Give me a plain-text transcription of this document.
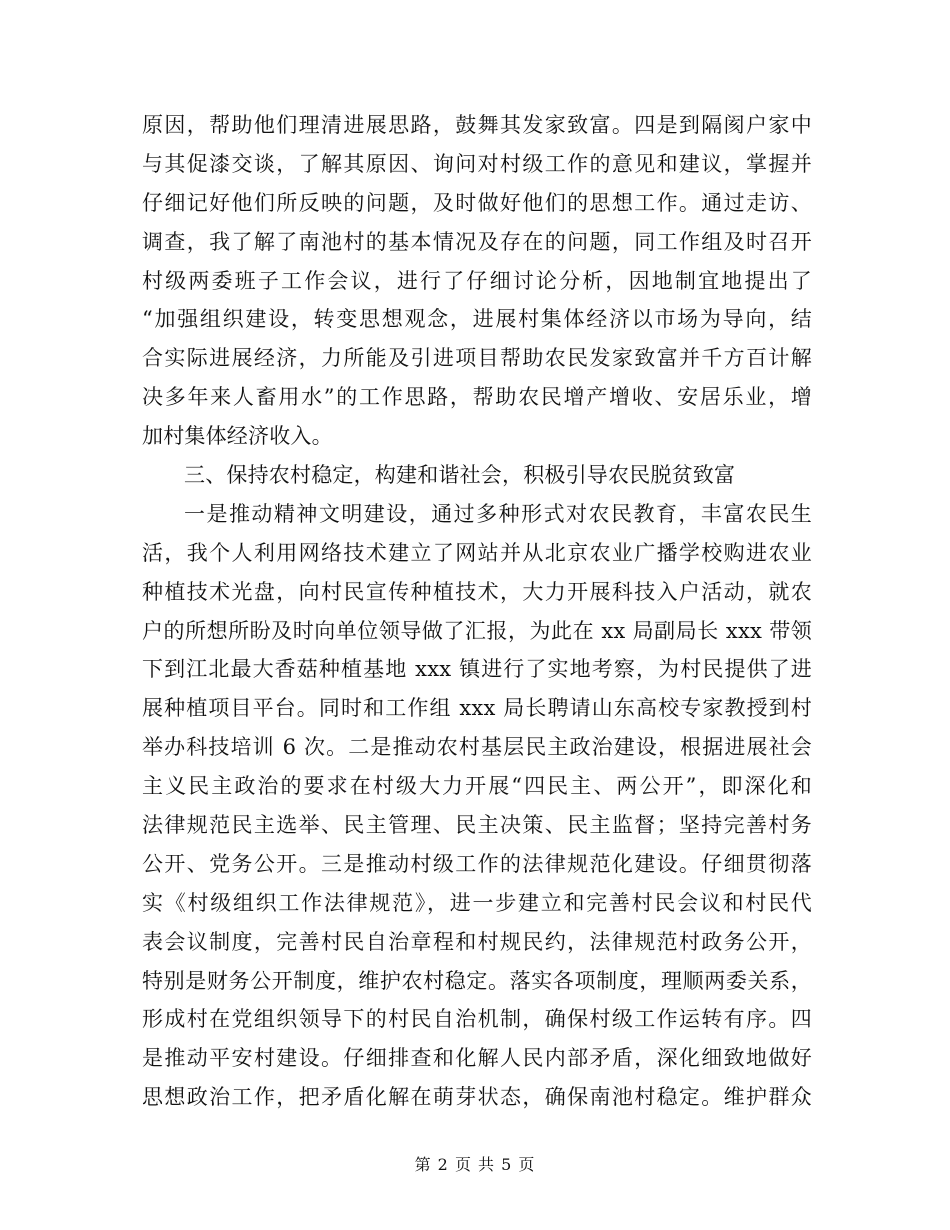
原因，帮助他们理清进展思路，鼓舞其发家致富。四是到隔阂户家中
与其促漆交谈，了解其原因、询问对村级工作的意见和建议，掌握并
仔细记好他们所反映的问题，及时做好他们的思想工作。通过走访、
调查，我了解了南池村的基本情况及存在的问题，同工作组及时召开
村级两委班子工作会议，进行了仔细讨论分析，因地制宜地提出了
“加强组织建设，转变思想观念，进展村集体经济以市场为导向，结
合实际进展经济，力所能及引进项目帮助农民发家致富并千方百计解
决多年来人畜用水”的工作思路，帮助农民增产增收、安居乐业，增
加村集体经济收入。
三、保持农村稳定，构建和谐社会，积极引导农民脱贫致富
一是推动精神文明建设，通过多种形式对农民教育，丰富农民生
活，我个人利用网络技术建立了网站并从北京农业广播学校购进农业
种植技术光盘，向村民宣传种植技术，大力开展科技入户活动，就农
户的所想所盼及时向单位领导做了汇报，为此在 xx 局副局长 xxx 带领
下到江北最大香菇种植基地 xxx 镇进行了实地考察，为村民提供了进
展种植项目平台。同时和工作组 xxx 局长聘请山东高校专家教授到村
举办科技培训 6 次。二是推动农村基层民主政治建设，根据进展社会
主义民主政治的要求在村级大力开展“四民主、两公开”，即深化和
法律规范民主选举、民主管理、民主决策、民主监督；坚持完善村务
公开、党务公开。三是推动村级工作的法律规范化建设。仔细贯彻落
实《村级组织工作法律规范》，进一步建立和完善村民会议和村民代
表会议制度，完善村民自治章程和村规民约，法律规范村政务公开，
特别是财务公开制度，维护农村稳定。落实各项制度，理顺两委关系，
形成村在党组织领导下的村民自治机制，确保村级工作运转有序。四
是推动平安村建设。仔细排查和化解人民内部矛盾，深化细致地做好
思想政治工作，把矛盾化解在萌芽状态，确保南池村稳定。维护群众
第 2 页 共 5 页
